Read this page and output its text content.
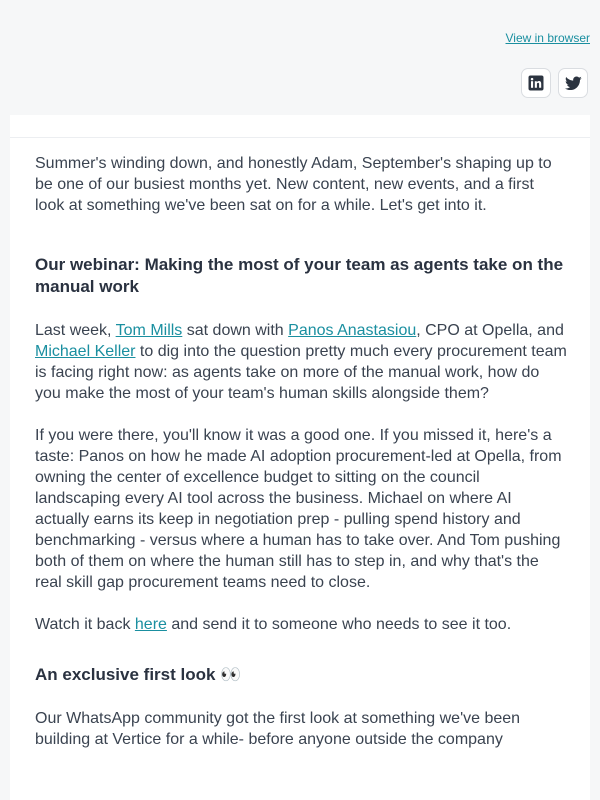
View in browser

Summer's winding down, and honestly Adam, September's shaping up to be one of our busiest months yet. New content, new events, and a first look at something we've been sat on for a while. Let's get into it.

Our webinar: Making the most of your team as agents take on the manual work

Last week, Tom Mills sat down with Panos Anastasiou, CPO at Opella, and Michael Keller to dig into the question pretty much every procurement team is facing right now: as agents take on more of the manual work, how do you make the most of your team's human skills alongside them?

If you were there, you'll know it was a good one. If you missed it, here's a taste: Panos on how he made AI adoption procurement-led at Opella, from owning the center of excellence budget to sitting on the council landscaping every AI tool across the business. Michael on where AI actually earns its keep in negotiation prep - pulling spend history and benchmarking - versus where a human has to take over. And Tom pushing both of them on where the human still has to step in, and why that's the real skill gap procurement teams need to close.

Watch it back here and send it to someone who needs to see it too.

An exclusive first look 👀

Our WhatsApp community got the first look at something we've been building at Vertice for a while- before anyone outside the company
